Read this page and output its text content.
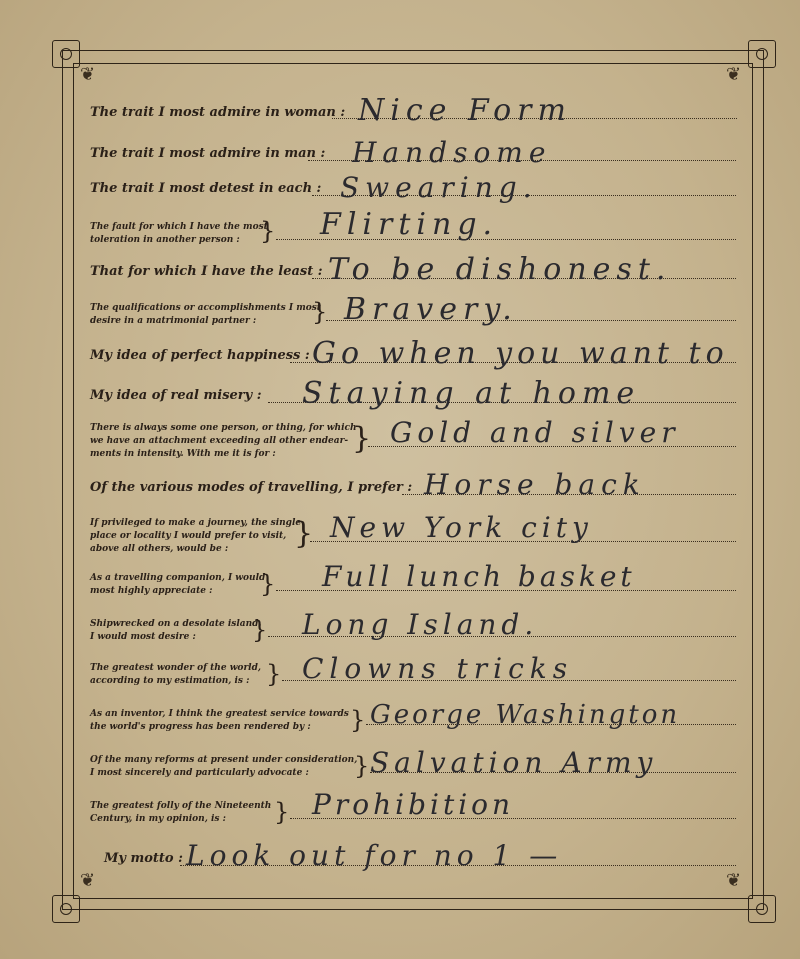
❦	❦
❦	❦
The trait I most admire in woman : Nice Form
The trait I most admire in man : Handsome
The trait I most detest in each : Swearing.
The fault for which I have the most
toleration in another person : } Flirting.
That for which I have the least : To be dishonest.
The qualifications or accomplishments I most
desire in a matrimonial partner :	} Bravery.
My idea of perfect happiness : Go when you want to
My idea of real misery : Staying at home
There is always some one person, or thing, for which
we have an attachment exceeding all other endear-
ments in intensity. With me it is for :	} Gold and silver
Of the various modes of travelling, I prefer : Horse back
If privileged to make a journey, the single
place or locality I would prefer to visit,
above all others, would be :	} New York city
As a travelling companion, I would
most highly appreciate :	} Full lunch basket
Shipwrecked on a desolate island,
I would most desire :	} Long Island.
The greatest wonder of the world,
according to my estimation, is : } Clowns tricks
As an inventor, I think the greatest service towards
the world's progress has been rendered by :	} George Washington
Of the many reforms at present under consideration,
I most sincerely and particularly advocate :	} Salvation Army
The greatest folly of the Nineteenth
Century, in my opinion, is :	} Prohibition
My motto : Look out for no 1 —
